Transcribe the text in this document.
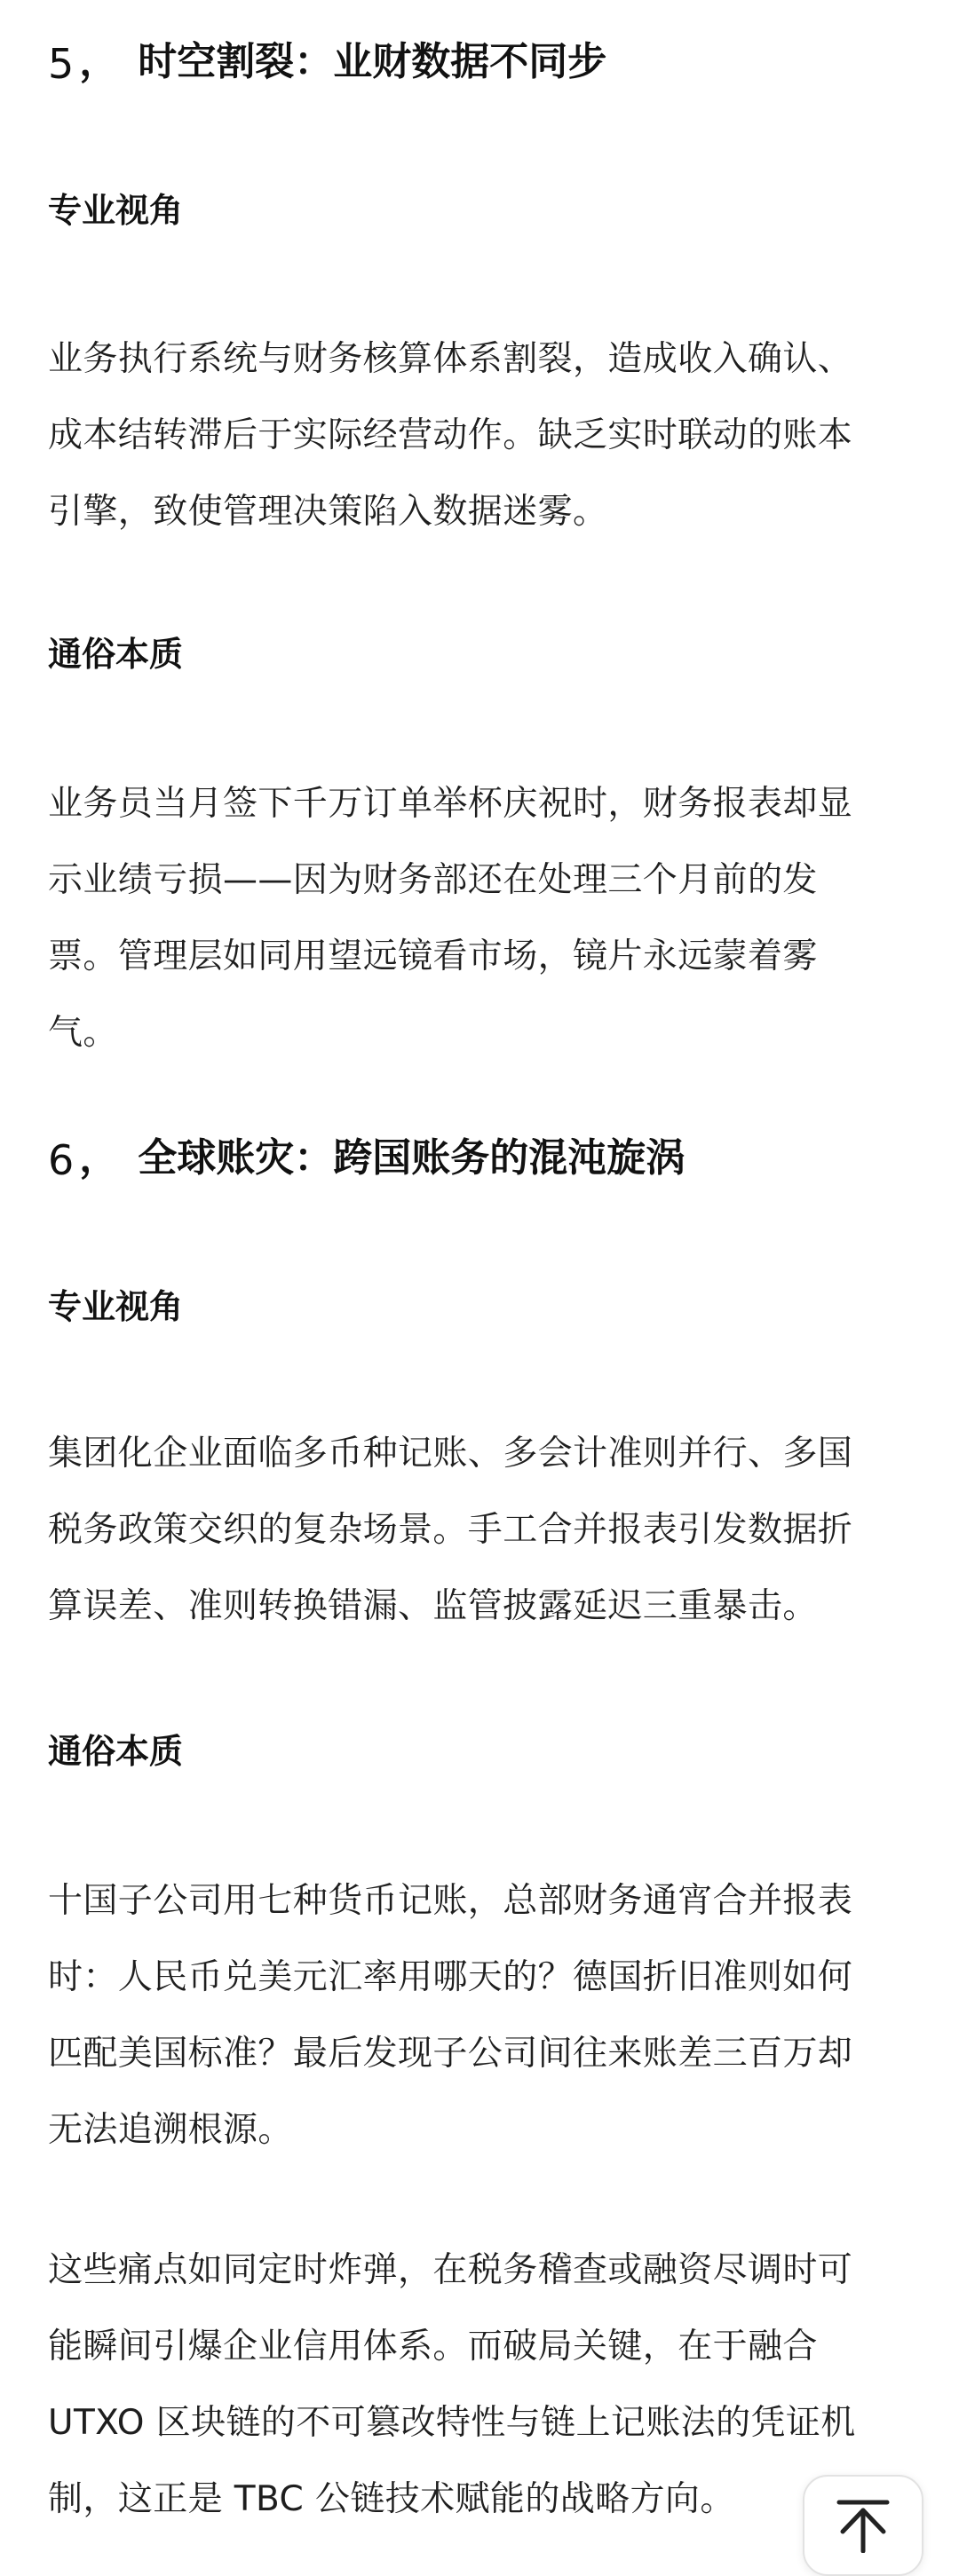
5 ， 时空割裂：业财数据不同步
专业视角
业务执行系统与财务核算体系割裂，造成收入确认、
成本结转滞后于实际经营动作。缺乏实时联动的账本
引擎，致使管理决策陷入数据迷雾。
通俗本质
业务员当月签下千万订单举杯庆祝时，财务报表却显
示业绩亏损——因为财务部还在处理三个月前的发
票。管理层如同用望远镜看市场，镜片永远蒙着雾
气。
6 ， 全球账灾：跨国账务的混沌旋涡
专业视角
集团化企业面临多币种记账、多会计准则并行、多国
税务政策交织的复杂场景。手工合并报表引发数据折
算误差、准则转换错漏、监管披露延迟三重暴击。
通俗本质
十国子公司用七种货币记账，总部财务通宵合并报表
时：人民币兑美元汇率用哪天的？德国折旧准则如何
匹配美国标准？最后发现子公司间往来账差三百万却
无法追溯根源。
这些痛点如同定时炸弹，在税务稽查或融资尽调时可
能瞬间引爆企业信用体系。而破局关键，在于融合
UTXO 区块链的不可篡改特性与链上记账法的凭证机
制，这正是 TBC 公链技术赋能的战略方向。
